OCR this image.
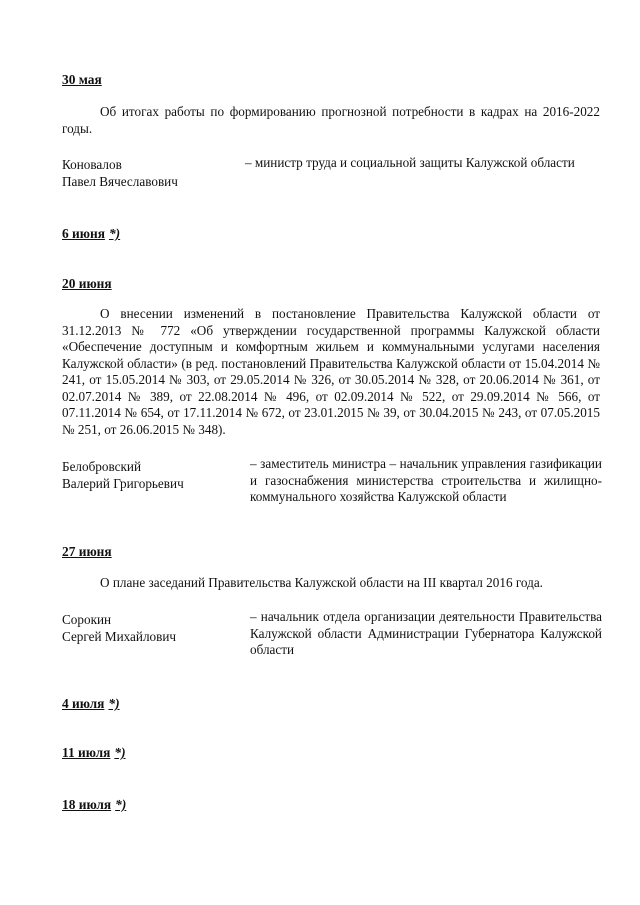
30 мая
Об итогах работы по формированию прогнозной потребности в кадрах на 2016-2022 годы.
Коновалов
Павел Вячеславович
– министр труда и социальной защиты Калужской области
6 июня *)
20 июня
О внесении изменений в постановление Правительства Калужской области от 31.12.2013 № 772 «Об утверждении государственной программы Калужской области «Обеспечение доступным и комфортным жильем и коммунальными услугами населения Калужской области» (в ред. постановлений Правительства Калужской области от 15.04.2014 № 241, от 15.05.2014 № 303, от 29.05.2014 № 326, от 30.05.2014 № 328, от 20.06.2014 № 361, от 02.07.2014 № 389, от 22.08.2014 № 496, от 02.09.2014 № 522, от 29.09.2014 № 566, от 07.11.2014 № 654, от 17.11.2014 № 672, от 23.01.2015 № 39, от 30.04.2015 № 243, от 07.05.2015 № 251, от 26.06.2015 № 348).
Белобровский
Валерий Григорьевич
– заместитель министра – начальник управления газификации и газоснабжения министерства строительства и жилищно-коммунального хозяйства Калужской области
27 июня
О плане заседаний Правительства Калужской области на III квартал 2016 года.
Сорокин
Сергей Михайлович
– начальник отдела организации деятельности Правительства Калужской области Администрации Губернатора Калужской области
4 июля *)
11 июля *)
18 июля *)
